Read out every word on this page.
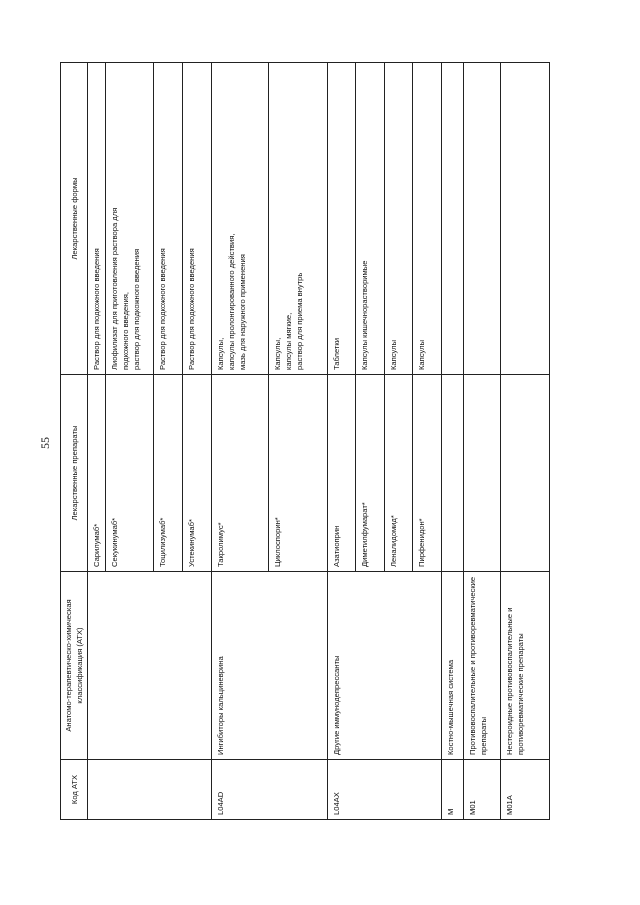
55
Код АТХ	Анатомо-терапевтическо-химическая классификация (АТХ)	Лекарственные препараты	Лекарственные формы
		Сарилумаб*	Раствор для подкожного введения

		Секукинумаб*	Лиофилизат для приготовления раствора для подкожного введения, раствор для подкожного введения

		Тоцилизумаб*	Раствор для подкожного введения

		Устекинумаб*	Раствор для подкожного введения

L04AD	Ингибиторы кальциневрина	Такролимус*	Капсулы, капсулы пролонгированного действия, мазь для наружного применения

		Циклоспорин*	Капсулы, капсулы мягкие, раствор для приема внутрь

L04AX	Другие иммунодепрессанты	Азатиоприн	Таблетки

		Диметилфумарат*	Капсулы кишечнорастворимые

		Леналидомид*	Капсулы

		Пирфенидон*	Капсулы

M	Костно-мышечная система		
M01	Противовоспалительные и противоревматические препараты		
M01A	Нестероидные противовоспалительные и противоревматические препараты		
